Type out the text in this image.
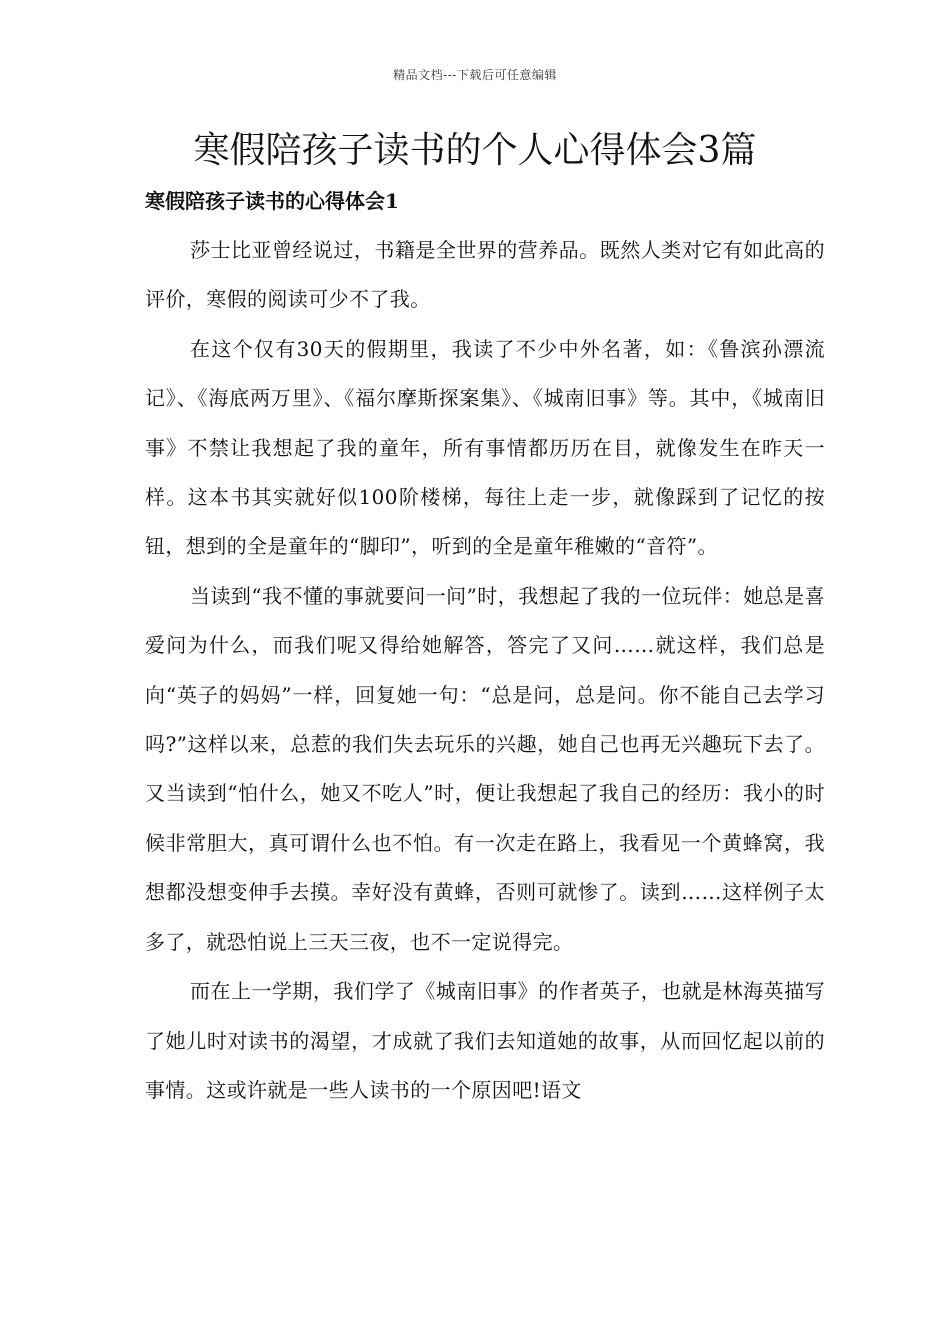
精品文档---下载后可任意编辑
寒假陪孩子读书的个人心得体会3篇
寒假陪孩子读书的心得体会1

莎士比亚曾经说过，书籍是全世界的营养品。既然人类对它有如此高的评价，寒假的阅读可少不了我。

在这个仅有30天的假期里，我读了不少中外名著，如：《鲁滨孙漂流记》、《海底两万里》、《福尔摩斯探案集》、《城南旧事》等。其中，《城南旧事》不禁让我想起了我的童年，所有事情都历历在目，就像发生在昨天一样。这本书其实就好似100阶楼梯，每往上走一步，就像踩到了记忆的按钮，想到的全是童年的“脚印”，听到的全是童年稚嫩的“音符”。

当读到“我不懂的事就要问一问”时，我想起了我的一位玩伴：她总是喜爱问为什么，而我们呢又得给她解答，答完了又问……就这样，我们总是向“英子的妈妈”一样，回复她一句：“总是问，总是问。你不能自己去学习吗?”这样以来，总惹的我们失去玩乐的兴趣，她自己也再无兴趣玩下去了。又当读到“怕什么，她又不吃人”时，便让我想起了我自己的经历：我小的时候非常胆大，真可谓什么也不怕。有一次走在路上，我看见一个黄蜂窝，我想都没想变伸手去摸。幸好没有黄蜂，否则可就惨了。读到……这样例子太多了，就恐怕说上三天三夜，也不一定说得完。

而在上一学期，我们学了《城南旧事》的作者英子，也就是林海英描写了她儿时对读书的渴望，才成就了我们去知道她的故事，从而回忆起以前的事情。这或许就是一些人读书的一个原因吧!语文
